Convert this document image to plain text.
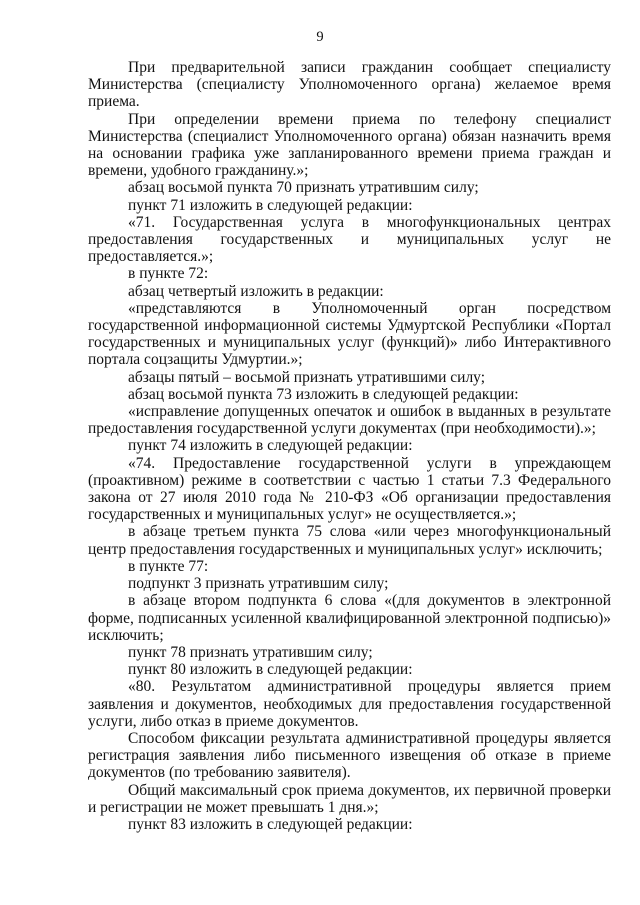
9

При предварительной записи гражданин сообщает специалисту Министерства (специалисту Уполномоченного органа) желаемое время приема.

При определении времени приема по телефону специалист Министерства (специалист Уполномоченного органа) обязан назначить время на основании графика уже запланированного времени приема граждан и времени, удобного гражданину.»;

абзац восьмой пункта 70 признать утратившим силу;

пункт 71 изложить в следующей редакции:

«71. Государственная услуга в многофункциональных центрах предоставления государственных и муниципальных услуг не предоставляется.»;

в пункте 72:

абзац четвертый изложить в редакции:

«представляются в Уполномоченный орган посредством государственной информационной системы Удмуртской Республики «Портал государственных и муниципальных услуг (функций)» либо Интерактивного портала соцзащиты Удмуртии.»;

абзацы пятый – восьмой признать утратившими силу;

абзац восьмой пункта 73 изложить в следующей редакции:

«исправление допущенных опечаток и ошибок в выданных в результате предоставления государственной услуги документах (при необходимости).»;

пункт 74 изложить в следующей редакции:

«74. Предоставление государственной услуги в упреждающем (проактивном) режиме в соответствии с частью 1 статьи 7.3 Федерального закона от 27 июля 2010 года № 210-ФЗ «Об организации предоставления государственных и муниципальных услуг» не осуществляется.»;

в абзаце третьем пункта 75 слова «или через многофункциональный центр предоставления государственных и муниципальных услуг» исключить;

в пункте 77:

подпункт 3 признать утратившим силу;

в абзаце втором подпункта 6 слова «(для документов в электронной форме, подписанных усиленной квалифицированной электронной подписью)» исключить;

пункт 78 признать утратившим силу;

пункт 80 изложить в следующей редакции:

«80. Результатом административной процедуры является прием заявления и документов, необходимых для предоставления государственной услуги, либо отказ в приеме документов.

Способом фиксации результата административной процедуры является регистрация заявления либо письменного извещения об отказе в приеме документов (по требованию заявителя).

Общий максимальный срок приема документов, их первичной проверки и регистрации не может превышать 1 дня.»;

пункт 83 изложить в следующей редакции:
